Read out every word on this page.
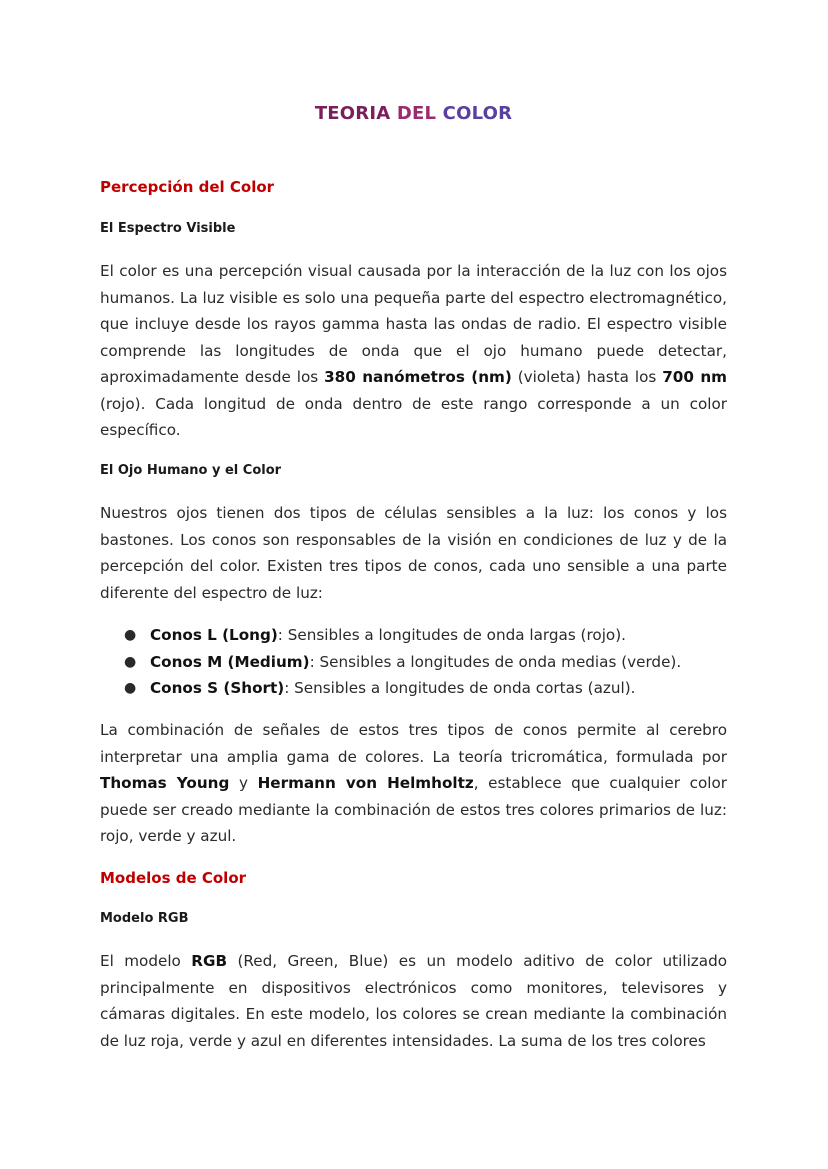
TEORIA DEL COLOR
Percepción del Color
El Espectro Visible

El color es una percepción visual causada por la interacción de la luz con los ojos humanos. La luz visible es solo una pequeña parte del espectro electromagnético, que incluye desde los rayos gamma hasta las ondas de radio. El espectro visible comprende las longitudes de onda que el ojo humano puede detectar, aproximadamente desde los 380 nanómetros (nm) (violeta) hasta los 700 nm (rojo). Cada longitud de onda dentro de este rango corresponde a un color específico.

El Ojo Humano y el Color

Nuestros ojos tienen dos tipos de células sensibles a la luz: los conos y los bastones. Los conos son responsables de la visión en condiciones de luz y de la percepción del color. Existen tres tipos de conos, cada uno sensible a una parte diferente del espectro de luz:

● Conos L (Long): Sensibles a longitudes de onda largas (rojo).
● Conos M (Medium): Sensibles a longitudes de onda medias (verde).
● Conos S (Short): Sensibles a longitudes de onda cortas (azul).

La combinación de señales de estos tres tipos de conos permite al cerebro interpretar una amplia gama de colores. La teoría tricromática, formulada por Thomas Young y Hermann von Helmholtz, establece que cualquier color puede ser creado mediante la combinación de estos tres colores primarios de luz: rojo, verde y azul.

Modelos de Color
Modelo RGB

El modelo RGB (Red, Green, Blue) es un modelo aditivo de color utilizado principalmente en dispositivos electrónicos como monitores, televisores y cámaras digitales. En este modelo, los colores se crean mediante la combinación de luz roja, verde y azul en diferentes intensidades. La suma de los tres colores
